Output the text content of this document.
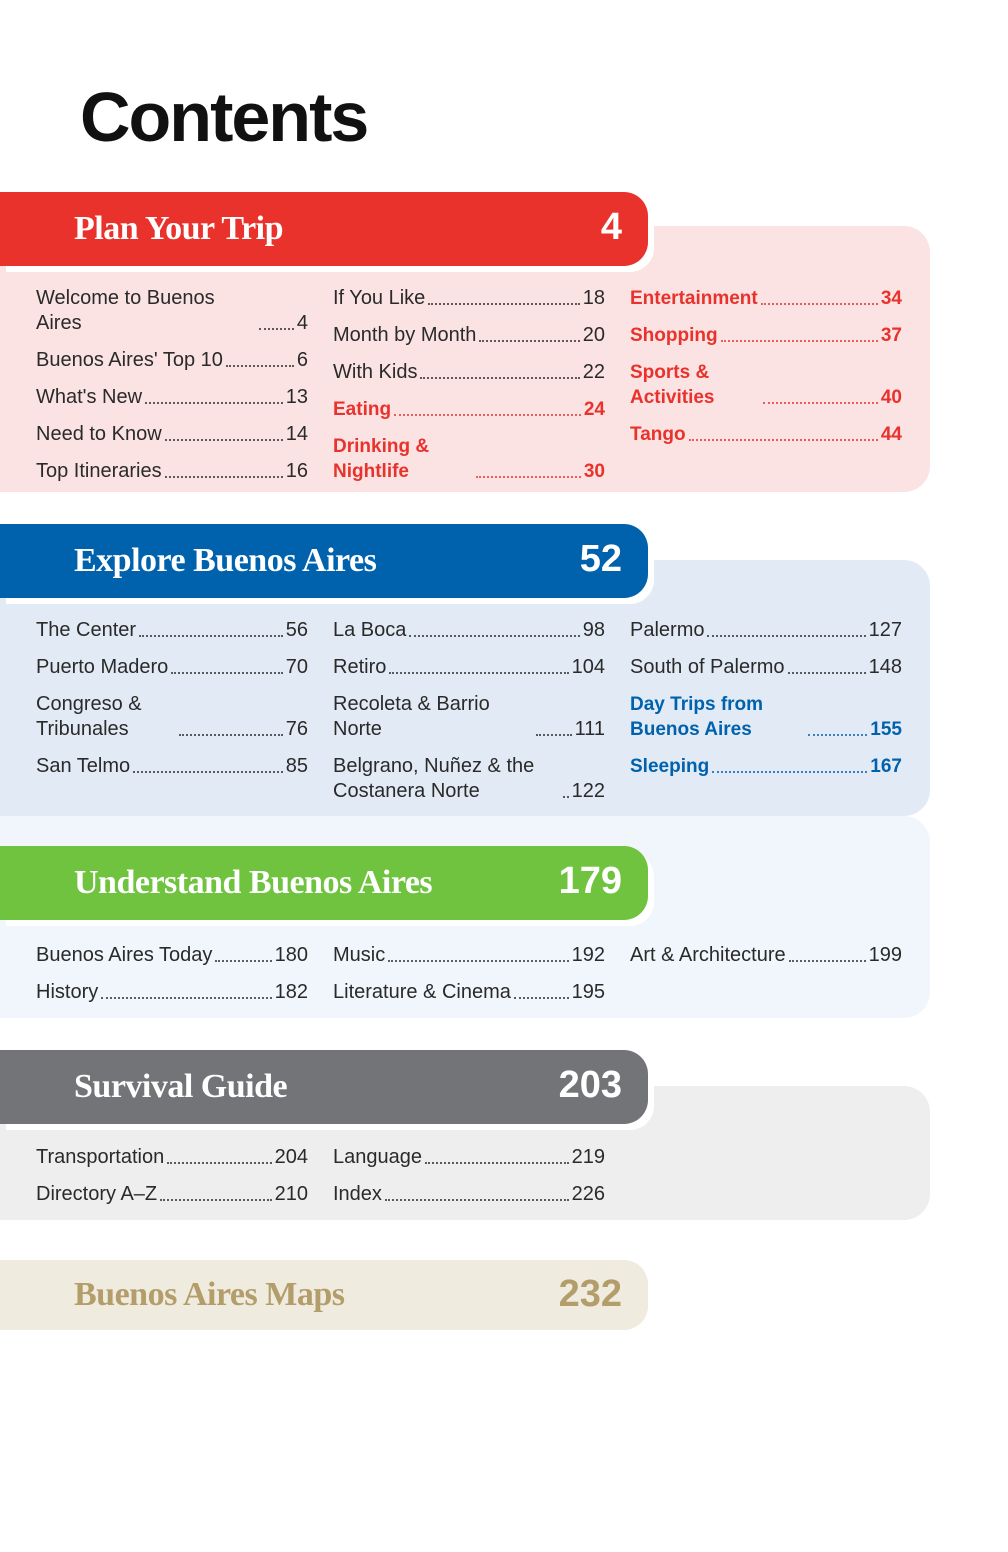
Contents
Plan Your Trip	4
Welcome to Buenos Aires	4
Buenos Aires' Top 10	6
What's New	13
Need to Know	14
Top Itineraries	16
If You Like	18
Month by Month	20
With Kids	22
Eating	24
Drinking & Nightlife	30
Entertainment	34
Shopping	37
Sports & Activities	40
Tango	44
Explore Buenos Aires	52
The Center	56
Puerto Madero	70
Congreso & Tribunales	76
San Telmo	85
La Boca	98
Retiro	104
Recoleta & Barrio Norte	111
Belgrano, Nuñez & the Costanera Norte	122
Palermo	127
South of Palermo	148
Day Trips from Buenos Aires	155
Sleeping	167
Understand Buenos Aires	179
Buenos Aires Today	180
History	182
Music	192
Literature & Cinema	195
Art & Architecture	199
Survival Guide	203
Transportation	204
Directory A–Z	210
Language	219
Index	226
Buenos Aires Maps	232
